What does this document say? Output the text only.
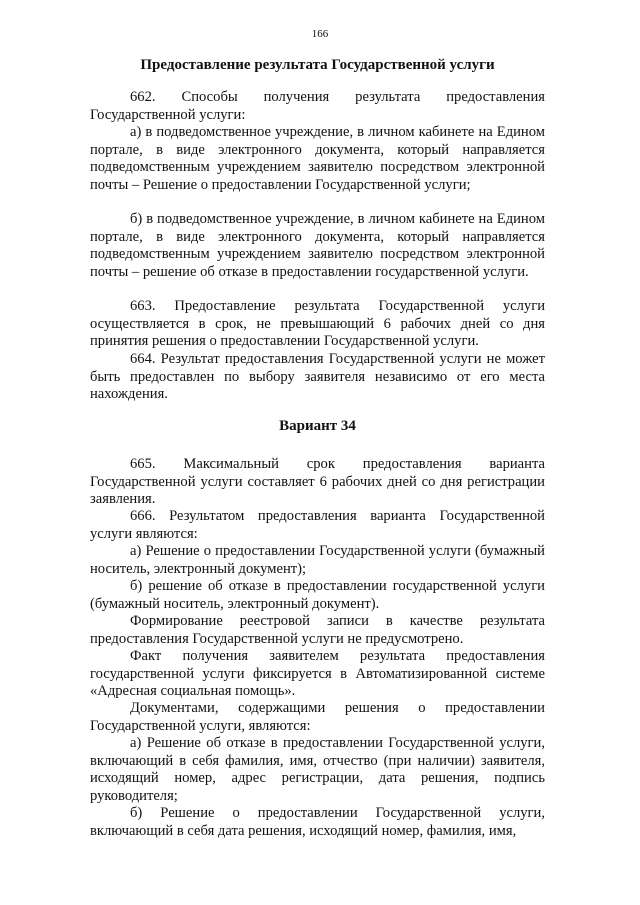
166
Предоставление результата Государственной услуги

662. Способы получения результата предоставления Государственной услуги:

а) в подведомственное учреждение, в личном кабинете на Едином портале, в виде электронного документа, который направляется подведомственным учреждением заявителю посредством электронной почты – Решение о предоставлении Государственной услуги;

б) в подведомственное учреждение, в личном кабинете на Едином портале, в виде электронного документа, который направляется подведомственным учреждением заявителю посредством электронной почты – решение об отказе в предоставлении государственной услуги.

663. Предоставление результата Государственной услуги осуществляется в срок, не превышающий 6 рабочих дней со дня принятия решения о предоставлении Государственной услуги.

664. Результат предоставления Государственной услуги не может быть предоставлен по выбору заявителя независимо от его места нахождения.

Вариант 34

665. Максимальный срок предоставления варианта Государственной услуги составляет 6 рабочих дней со дня регистрации заявления.

666. Результатом предоставления варианта Государственной услуги являются:

а) Решение о предоставлении Государственной услуги (бумажный носитель, электронный документ);

б) решение об отказе в предоставлении государственной услуги (бумажный носитель, электронный документ).

Формирование реестровой записи в качестве результата предоставления Государственной услуги не предусмотрено.

Факт получения заявителем результата предоставления государственной услуги фиксируется в Автоматизированной системе «Адресная социальная помощь».

Документами, содержащими решения о предоставлении Государственной услуги, являются:

а) Решение об отказе в предоставлении Государственной услуги, включающий в себя фамилия, имя, отчество (при наличии) заявителя, исходящий номер, адрес регистрации, дата решения, подпись руководителя;

б) Решение о предоставлении Государственной услуги, включающий в себя дата решения, исходящий номер, фамилия, имя,
